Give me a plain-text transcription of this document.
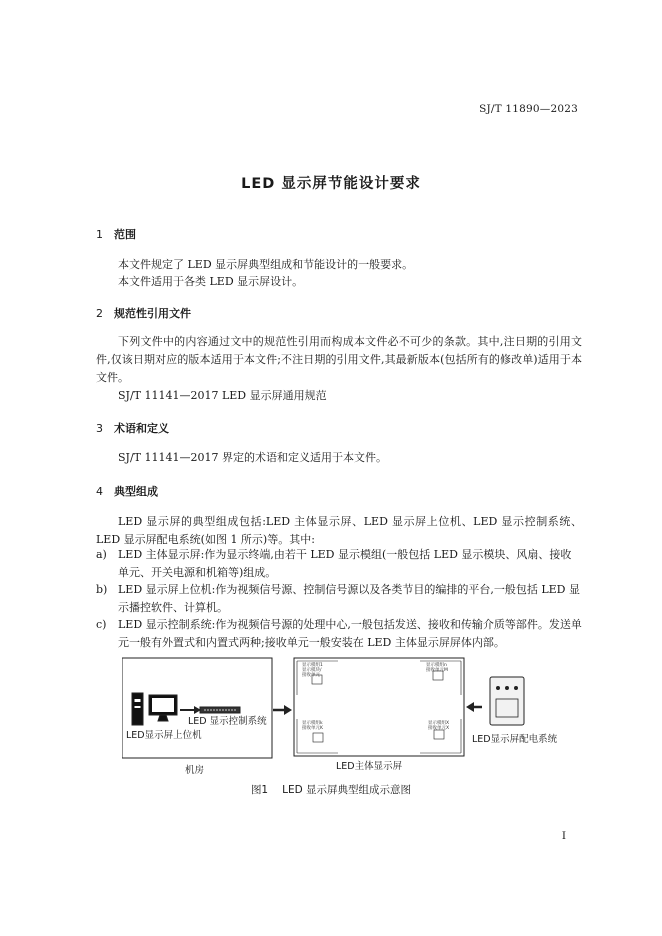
SJ/T 11890—2023
LED 显示屏节能设计要求
1 范围
本文件规定了 LED 显示屏典型组成和节能设计的一般要求。
本文件适用于各类 LED 显示屏设计。
2 规范性引用文件
下列文件中的内容通过文中的规范性引用而构成本文件必不可少的条款。其中,注日期的引用文件,仅该日期对应的版本适用于本文件;不注日期的引用文件,其最新版本(包括所有的修改单)适用于本文件。
SJ/T 11141—2017 LED 显示屏通用规范
3 术语和定义
SJ/T 11141—2017 界定的术语和定义适用于本文件。
4 典型组成
LED 显示屏的典型组成包括:LED 主体显示屏、LED 显示屏上位机、LED 显示控制系统、LED 显示屏配电系统(如图 1 所示)等。其中:
a) LED 主体显示屏:作为显示终端,由若干 LED 显示模组(一般包括 LED 显示模块、风扇、接收单元、开关电源和机箱等)组成。
b) LED 显示屏上位机:作为视频信号源、控制信号源以及各类节目的编排的平台,一般包括 LED 显示播控软件、计算机。
c) LED 显示控制系统:作为视频信号源的处理中心,一般包括发送、接收和传输介质等部件。发送单元一般有外置式和内置式两种;接收单元一般安装在 LED 主体显示屏屏体内部。
LED 显示控制系统
LED显示屏上位机
机房	LED主体显示屏
LED显示屏配电系统
显示模组1
显示模块/
接收单元
显示模组n
接收单元M
显示模组k
接收单元K
显示模组X
接收单元X
图1 LED 显示屏典型组成示意图
I
